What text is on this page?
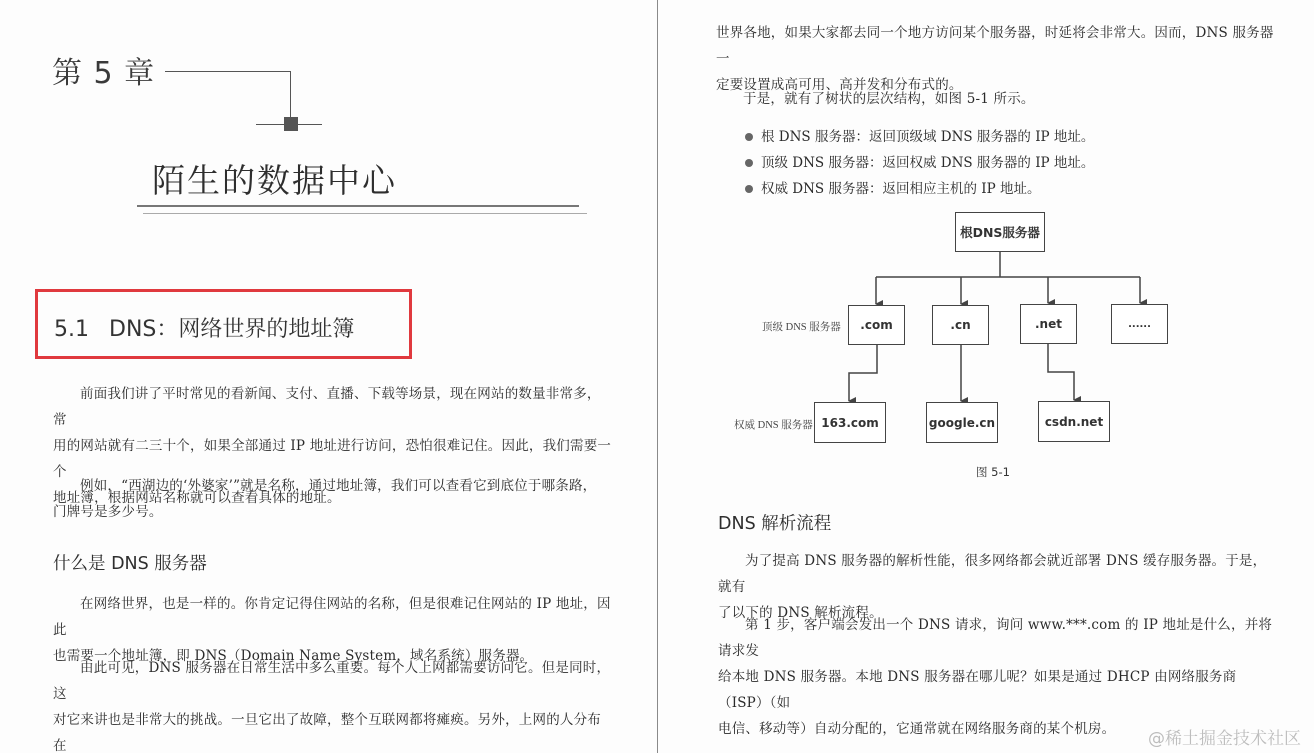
第 5 章
陌生的数据中心
5.1 DNS：网络世界的地址簿
前面我们讲了平时常见的看新闻、支付、直播、下载等场景，现在网站的数量非常多，常
用的网站就有二三十个，如果全部通过 IP 地址进行访问，恐怕很难记住。因此，我们需要一个
地址簿，根据网站名称就可以查看具体的地址。
例如，“西湖边的‘外婆家’”就是名称，通过地址簿，我们可以查看它到底位于哪条路，
门牌号是多少号。
什么是 DNS 服务器
在网络世界，也是一样的。你肯定记得住网站的名称，但是很难记住网站的 IP 地址，因此
也需要一个地址簿，即 DNS（Domain Name System，域名系统）服务器。
由此可见，DNS 服务器在日常生活中多么重要。每个人上网都需要访问它。但是同时，这
对它来讲也是非常大的挑战。一旦它出了故障，整个互联网都将瘫痪。另外，上网的人分布在
世界各地，如果大家都去同一个地方访问某个服务器，时延将会非常大。因而，DNS 服务器一
定要设置成高可用、高并发和分布式的。
于是，就有了树状的层次结构，如图 5-1 所示。
根 DNS 服务器：返回顶级域 DNS 服务器的 IP 地址。
顶级 DNS 服务器：返回权威 DNS 服务器的 IP 地址。
权威 DNS 服务器：返回相应主机的 IP 地址。
根DNS服务器
顶级 DNS 服务器	.com	.cn	.net	......
权威 DNS 服务器 163.com	google.cn	csdn.net
图 5-1
DNS 解析流程
为了提高 DNS 服务器的解析性能，很多网络都会就近部署 DNS 缓存服务器。于是，就有
了以下的 DNS 解析流程。
第 1 步，客户端会发出一个 DNS 请求，询问 www.***.com 的 IP 地址是什么，并将请求发
给本地 DNS 服务器。本地 DNS 服务器在哪儿呢？如果是通过 DHCP 由网络服务商（ISP）（如
电信、移动等）自动分配的，它通常就在网络服务商的某个机房。	@稀土掘金技术社区
